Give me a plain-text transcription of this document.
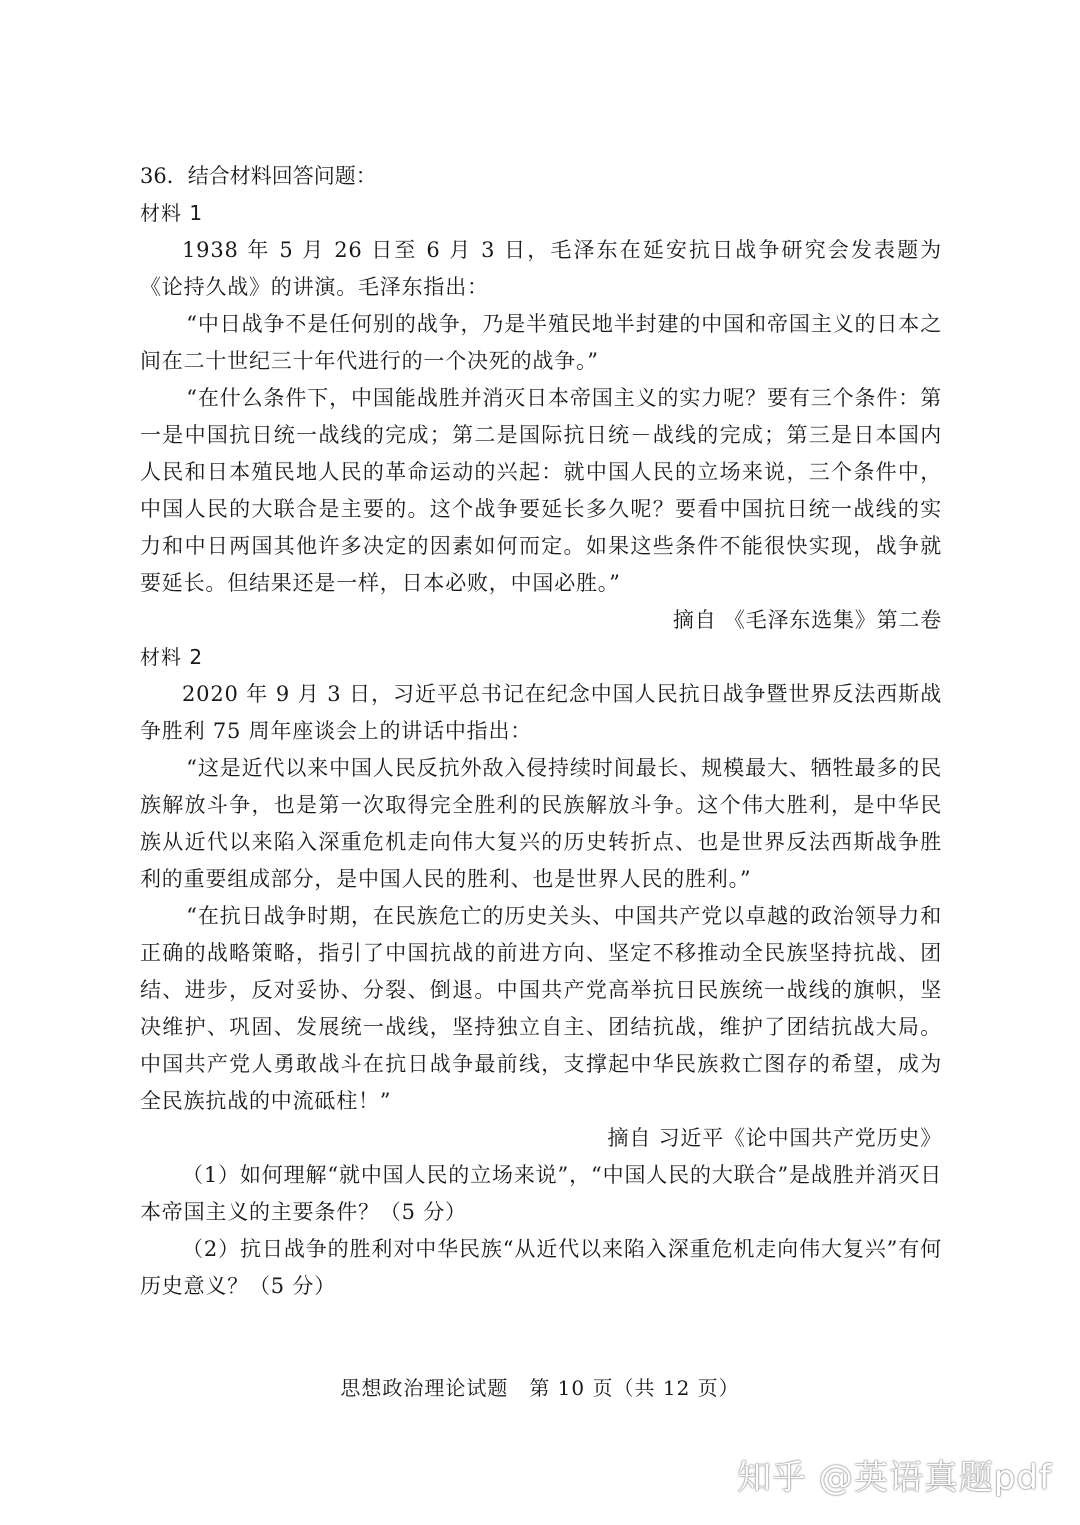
36．结合材料回答问题：

材料 1

1938 年 5 月 26 日至 6 月 3 日，毛泽东在延安抗日战争研究会发表题为《论持久战》的讲演。毛泽东指出：

“中日战争不是任何别的战争，乃是半殖民地半封建的中国和帝国主义的日本之间在二十世纪三十年代进行的一个决死的战争。”

“在什么条件下，中国能战胜并消灭日本帝国主义的实力呢？要有三个条件：第一是中国抗日统一战线的完成；第二是国际抗日统－战线的完成；第三是日本国内人民和日本殖民地人民的革命运动的兴起：就中国人民的立场来说，三个条件中，中国人民的大联合是主要的。这个战争要延长多久呢？要看中国抗日统一战线的实力和中日两国其他许多决定的因素如何而定。如果这些条件不能很快实现，战争就要延长。但结果还是一样，日本必败，中国必胜。”

摘自 《毛泽东选集》第二卷

材料 2

2020 年 9 月 3 日，习近平总书记在纪念中国人民抗日战争暨世界反法西斯战争胜利 75 周年座谈会上的讲话中指出：

“这是近代以来中国人民反抗外敌入侵持续时间最长、规模最大、牺牲最多的民族解放斗争，也是第一次取得完全胜利的民族解放斗争。这个伟大胜利，是中华民族从近代以来陷入深重危机走向伟大复兴的历史转折点、也是世界反法西斯战争胜利的重要组成部分，是中国人民的胜利、也是世界人民的胜利。”

“在抗日战争时期，在民族危亡的历史关头、中国共产党以卓越的政治领导力和正确的战略策略，指引了中国抗战的前进方向、坚定不移推动全民族坚持抗战、团结、进步，反对妥协、分裂、倒退。中国共产党高举抗日民族统一战线的旗帜，坚决维护、巩固、发展统一战线，坚持独立自主、团结抗战，维护了团结抗战大局。中国共产党人勇敢战斗在抗日战争最前线，支撑起中华民族救亡图存的希望，成为全民族抗战的中流砥柱！”

摘自 习近平《论中国共产党历史》

（1）如何理解“就中国人民的立场来说”，“中国人民的大联合”是战胜并消灭日本帝国主义的主要条件？（5 分）

（2）抗日战争的胜利对中华民族“从近代以来陷入深重危机走向伟大复兴”有何历史意义？（5 分）

思想政治理论试题　第 10 页（共 12 页）
知乎 @英语真题pdf
